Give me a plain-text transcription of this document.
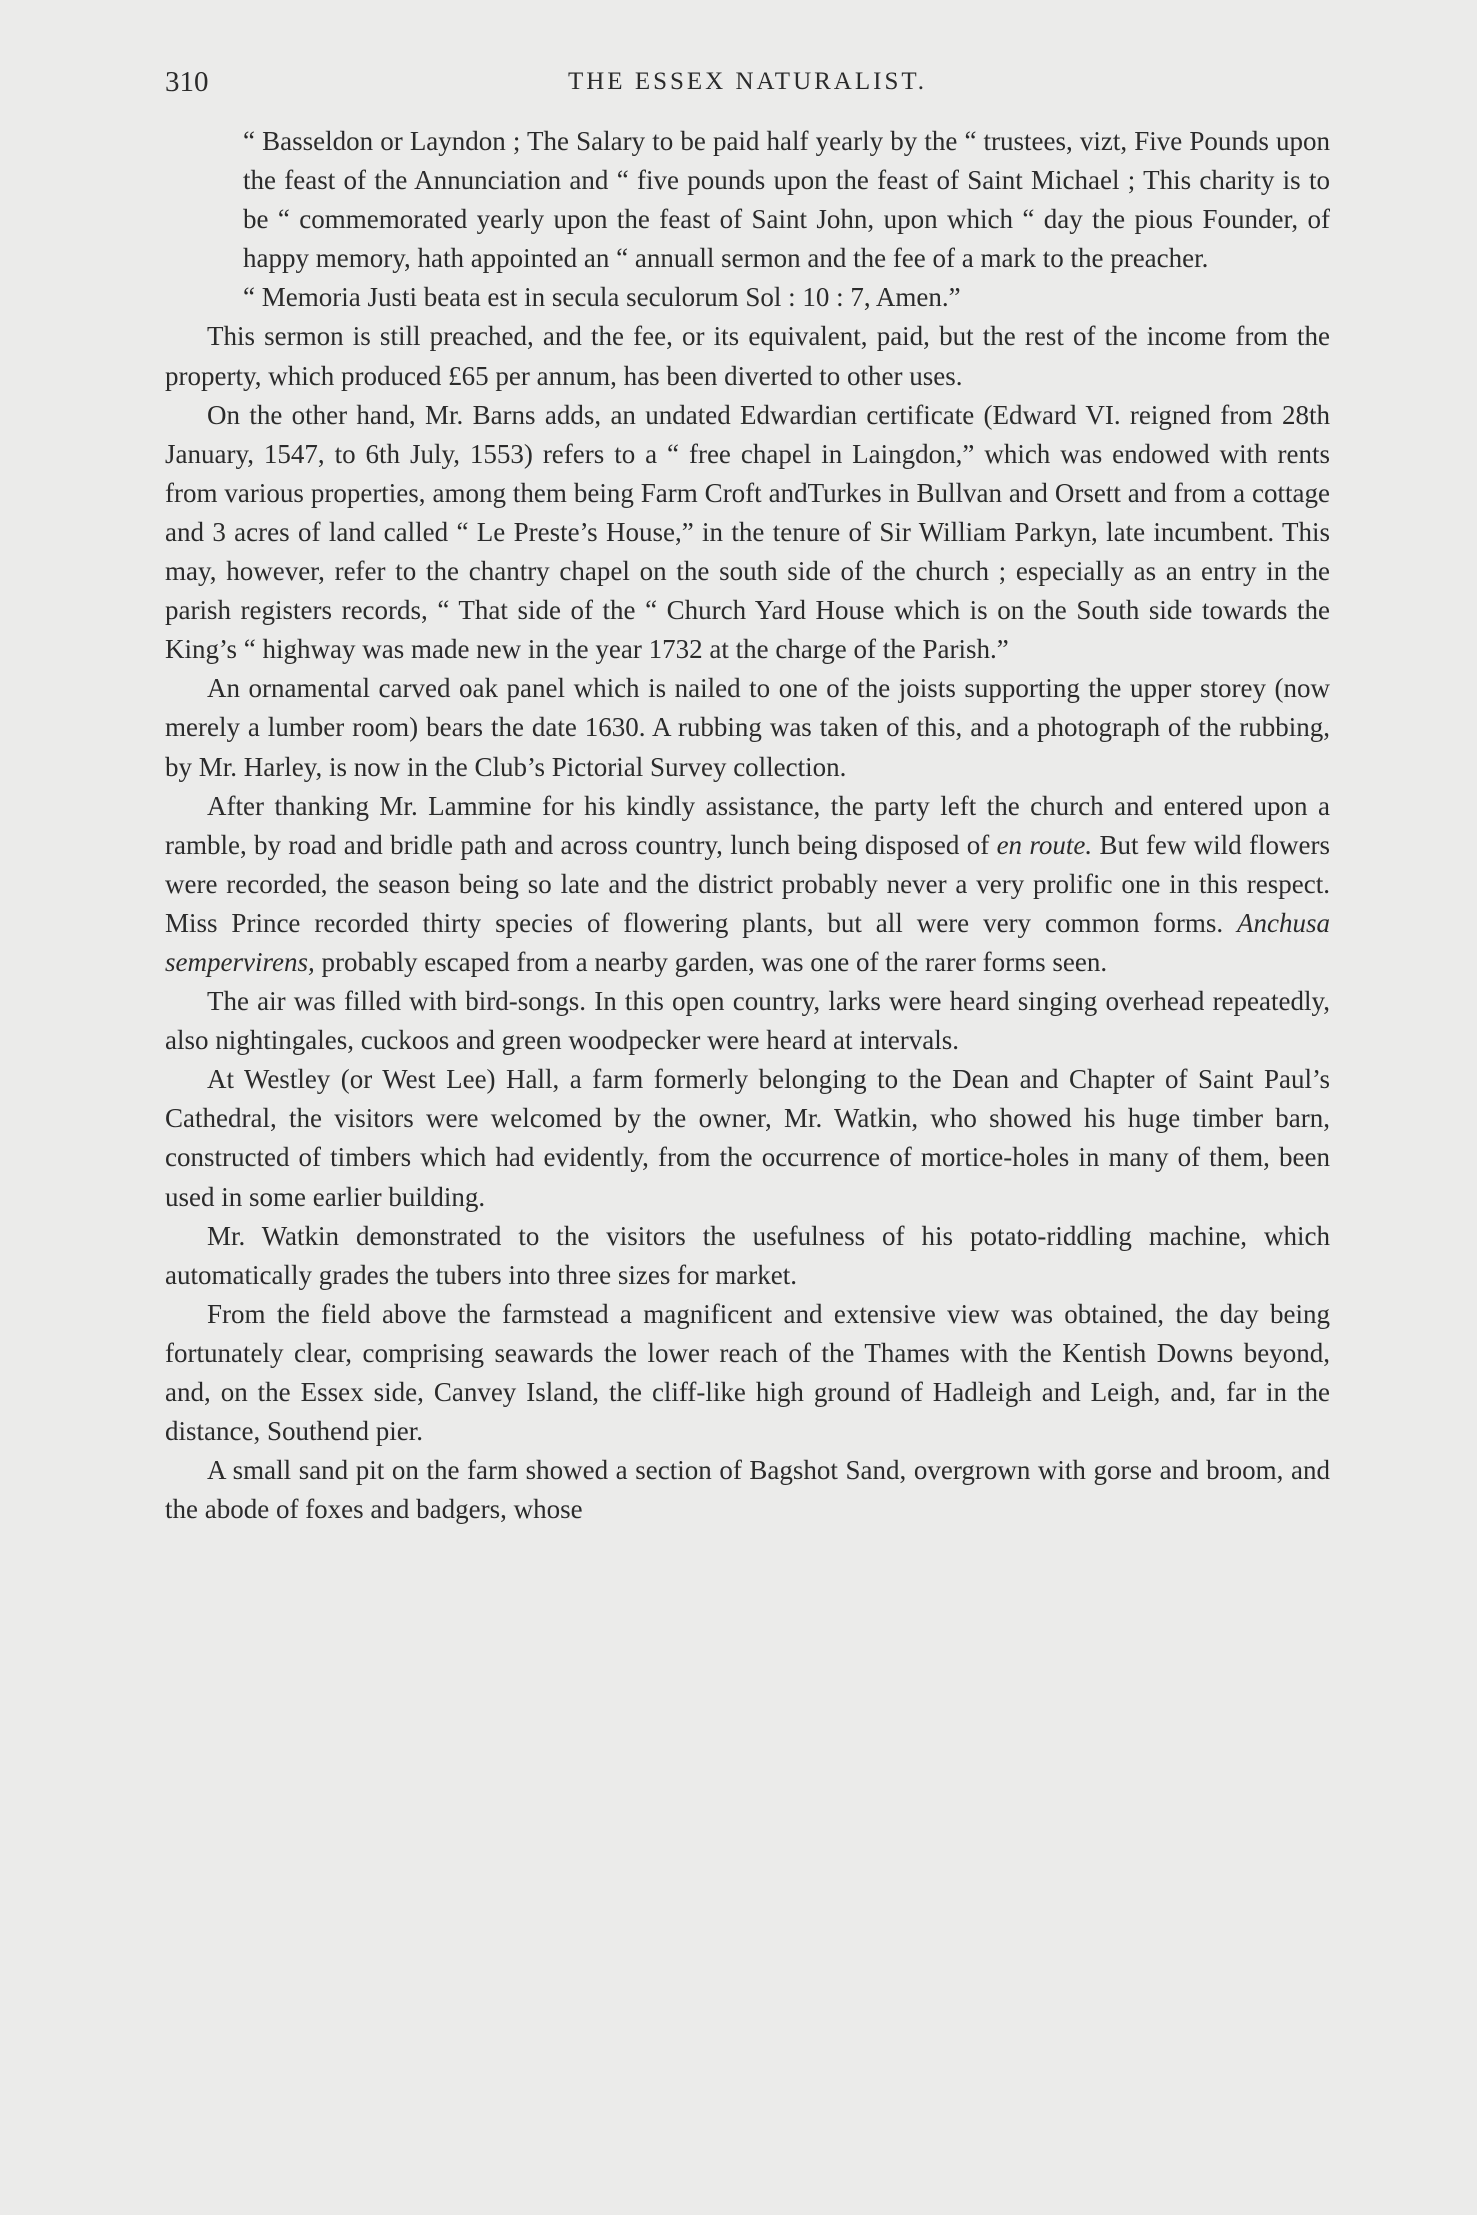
310	THE ESSEX NATURALIST.

“ Basseldon or Layndon ; The Salary to be paid half yearly by the “ trustees, vizt, Five Pounds upon the feast of the Annunciation and “ five pounds upon the feast of Saint Michael ; This charity is to be “ commemorated yearly upon the feast of Saint John, upon which “ day the pious Founder, of happy memory, hath appointed an “ annuall sermon and the fee of a mark to the preacher.

“ Memoria Justi beata est in secula seculorum Sol : 10 : 7, Amen.”

This sermon is still preached, and the fee, or its equivalent, paid, but the rest of the income from the property, which produced £65 per annum, has been diverted to other uses.

On the other hand, Mr. Barns adds, an undated Edwardian certificate (Edward VI. reigned from 28th January, 1547, to 6th July, 1553) refers to a “ free chapel in Laingdon,” which was endowed with rents from various properties, among them being Farm Croft andTurkes in Bullvan and Orsett and from a cottage and 3 acres of land called “ Le Preste’s House,” in the tenure of Sir William Parkyn, late incumbent. This may, however, refer to the chantry chapel on the south side of the church ; especially as an entry in the parish registers records, “ That side of the “ Church Yard House which is on the South side towards the King’s “ highway was made new in the year 1732 at the charge of the Parish.”

An ornamental carved oak panel which is nailed to one of the joists supporting the upper storey (now merely a lumber room) bears the date 1630. A rubbing was taken of this, and a photograph of the rubbing, by Mr. Harley, is now in the Club’s Pictorial Survey collection.

After thanking Mr. Lammine for his kindly assistance, the party left the church and entered upon a ramble, by road and bridle path and across country, lunch being disposed of en route. But few wild flowers were recorded, the season being so late and the district probably never a very prolific one in this respect. Miss Prince recorded thirty species of flowering plants, but all were very common forms. Anchusa sempervirens, probably escaped from a nearby garden, was one of the rarer forms seen.

The air was filled with bird-songs. In this open country, larks were heard singing overhead repeatedly, also nightingales, cuckoos and green woodpecker were heard at intervals.

At Westley (or West Lee) Hall, a farm formerly belonging to the Dean and Chapter of Saint Paul’s Cathedral, the visitors were welcomed by the owner, Mr. Watkin, who showed his huge timber barn, constructed of timbers which had evidently, from the occurrence of mortice-holes in many of them, been used in some earlier building.

Mr. Watkin demonstrated to the visitors the usefulness of his potato-riddling machine, which automatically grades the tubers into three sizes for market.

From the field above the farmstead a magnificent and extensive view was obtained, the day being fortunately clear, comprising seawards the lower reach of the Thames with the Kentish Downs beyond, and, on the Essex side, Canvey Island, the cliff-like high ground of Hadleigh and Leigh, and, far in the distance, Southend pier.

A small sand pit on the farm showed a section of Bagshot Sand, overgrown with gorse and broom, and the abode of foxes and badgers, whose
